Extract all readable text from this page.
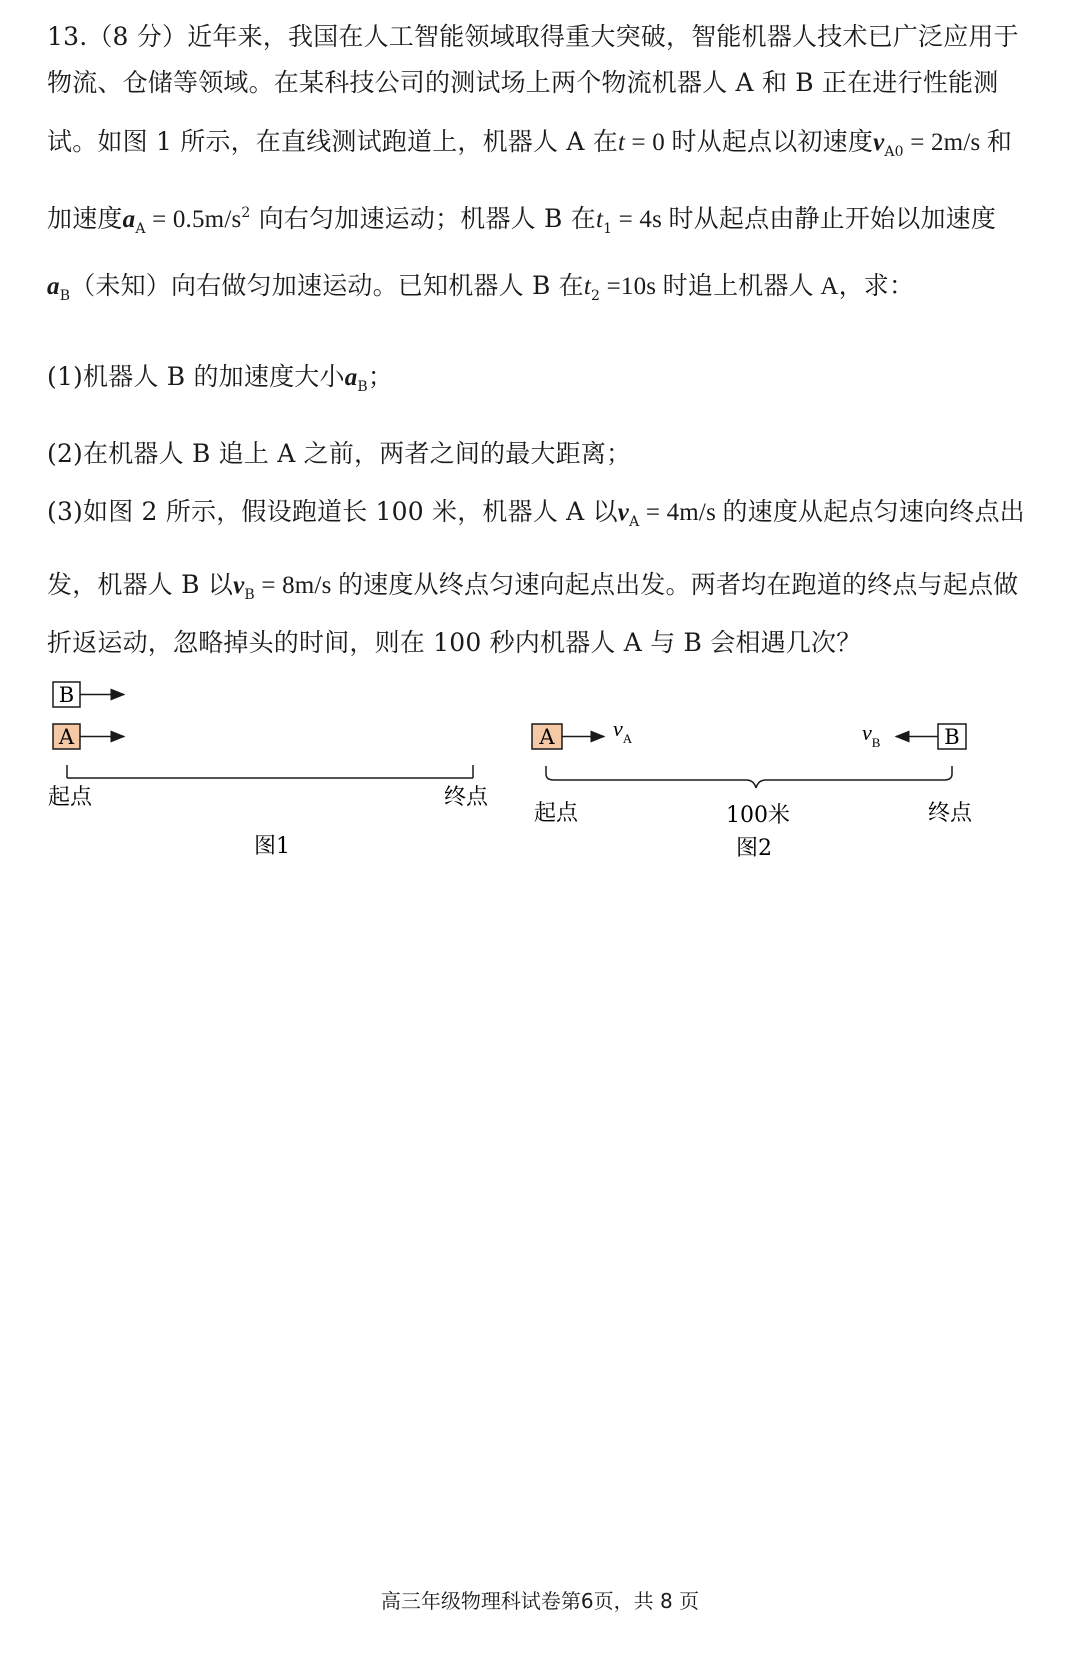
13.（8 分）近年来，我国在人工智能领域取得重大突破，智能机器人技术已广泛应用于
物流、仓储等领域。在某科技公司的测试场上两个物流机器人 A 和 B 正在进行性能测
试。如图 1 所示，在直线测试跑道上，机器人 A 在t = 0 时从起点以初速度$v_{A0} = 2m/s$ 和
加速度$a_A = 0.5m/s^2$ 向右匀加速运动；机器人 B 在$t_1 = 4s$ 时从起点由静止开始以加速度
$a_B$（未知）向右做匀加速运动。已知机器人 B 在$t_2 =10s$ 时追上机器人 A，求：
(1)机器人 B 的加速度大小$a_B$；
(2)在机器人 B 追上 A 之前，两者之间的最大距离；
(3)如图 2 所示，假设跑道长 100 米，机器人 A 以$v_A = 4m/s$ 的速度从起点匀速向终点出
发，机器人 B 以$v_B = 8m/s$ 的速度从终点匀速向起点出发。两者均在跑道的终点与起点做
折返运动，忽略掉头的时间，则在 100 秒内机器人 A 与 B 会相遇几次？
B
A
起点	终点
图1
A	$v_A$	B
$v_B$
起点	100米	终点
图2
高三年级物理科试卷第6页，共 8 页
